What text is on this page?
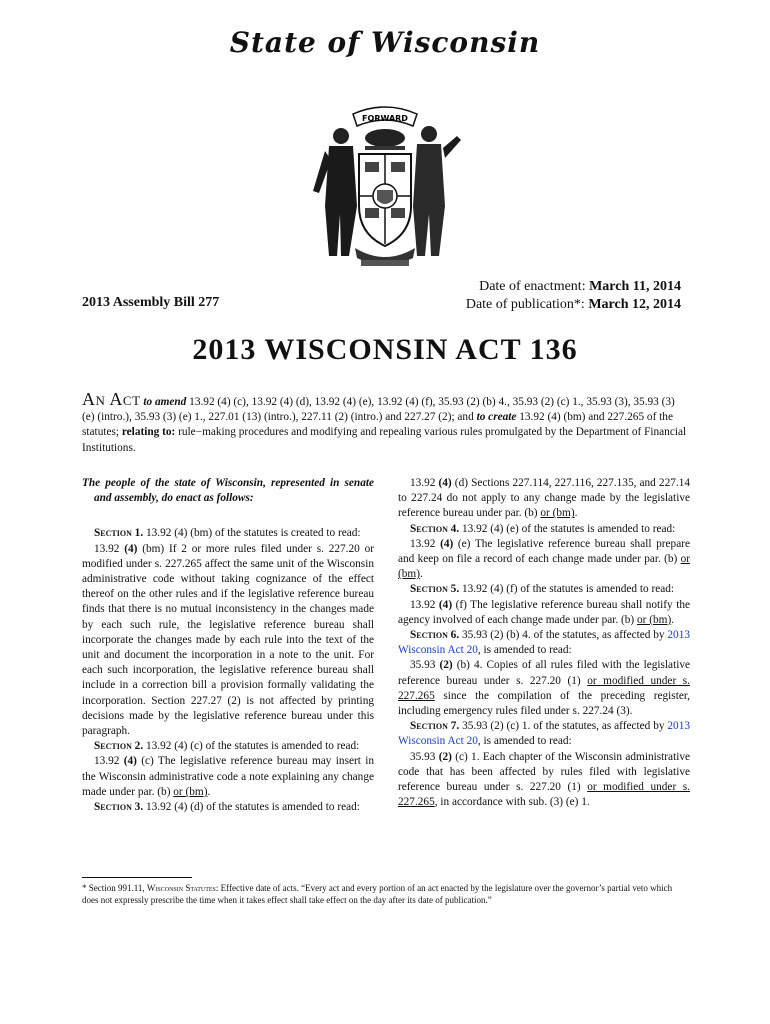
State of Wisconsin
FORWARD
2013 Assembly Bill 277
Date of enactment: March 11, 2014
Date of publication*: March 12, 2014
2013 WISCONSIN ACT 136
An Act to amend 13.92 (4) (c), 13.92 (4) (d), 13.92 (4) (e), 13.92 (4) (f), 35.93 (2) (b) 4., 35.93 (2) (c) 1., 35.93 (3), 35.93 (3) (e) (intro.), 35.93 (3) (e) 1., 227.01 (13) (intro.), 227.11 (2) (intro.) and 227.27 (2); and to create 13.92 (4) (bm) and 227.265 of the statutes; relating to: rule−making procedures and modifying and repealing various rules promulgated by the Department of Financial Institutions.

The people of the state of Wisconsin, represented in senate and assembly, do enact as follows:

Section 1. 13.92 (4) (bm) of the statutes is created to read:

13.92 (4) (bm) If 2 or more rules filed under s. 227.20 or modified under s. 227.265 affect the same unit of the Wisconsin administrative code without taking cognizance of the effect thereof on the other rules and if the legislative reference bureau finds that there is no mutual inconsistency in the changes made by each such rule, the legislative reference bureau shall incorporate the changes made by each rule into the text of the unit and document the incorporation in a note to the unit. For each such incorporation, the legislative reference bureau shall include in a correction bill a provision formally validating the incorporation. Section 227.27 (2) is not affected by printing decisions made by the legislative reference bureau under this paragraph.

Section 2. 13.92 (4) (c) of the statutes is amended to read:

13.92 (4) (c) The legislative reference bureau may insert in the Wisconsin administrative code a note explaining any change made under par. (b) or (bm).

Section 3. 13.92 (4) (d) of the statutes is amended to read:

13.92 (4) (d) Sections 227.114, 227.116, 227.135, and 227.14 to 227.24 do not apply to any change made by the legislative reference bureau under par. (b) or (bm).

Section 4. 13.92 (4) (e) of the statutes is amended to read:

13.92 (4) (e) The legislative reference bureau shall prepare and keep on file a record of each change made under par. (b) or (bm).

Section 5. 13.92 (4) (f) of the statutes is amended to read:

13.92 (4) (f) The legislative reference bureau shall notify the agency involved of each change made under par. (b) or (bm).

Section 6. 35.93 (2) (b) 4. of the statutes, as affected by 2013 Wisconsin Act 20, is amended to read:

35.93 (2) (b) 4. Copies of all rules filed with the legislative reference bureau under s. 227.20 (1) or modified under s. 227.265 since the compilation of the preceding register, including emergency rules filed under s. 227.24 (3).

Section 7. 35.93 (2) (c) 1. of the statutes, as affected by 2013 Wisconsin Act 20, is amended to read:

35.93 (2) (c) 1. Each chapter of the Wisconsin administrative code that has been affected by rules filed with legislative reference bureau under s. 227.20 (1) or modified under s. 227.265, in accordance with sub. (3) (e) 1.

* Section 991.11, Wisconsin Statutes: Effective date of acts. “Every act and every portion of an act enacted by the legislature over the governor’s partial veto which does not expressly prescribe the time when it takes effect shall take effect on the day after its date of publication.”
